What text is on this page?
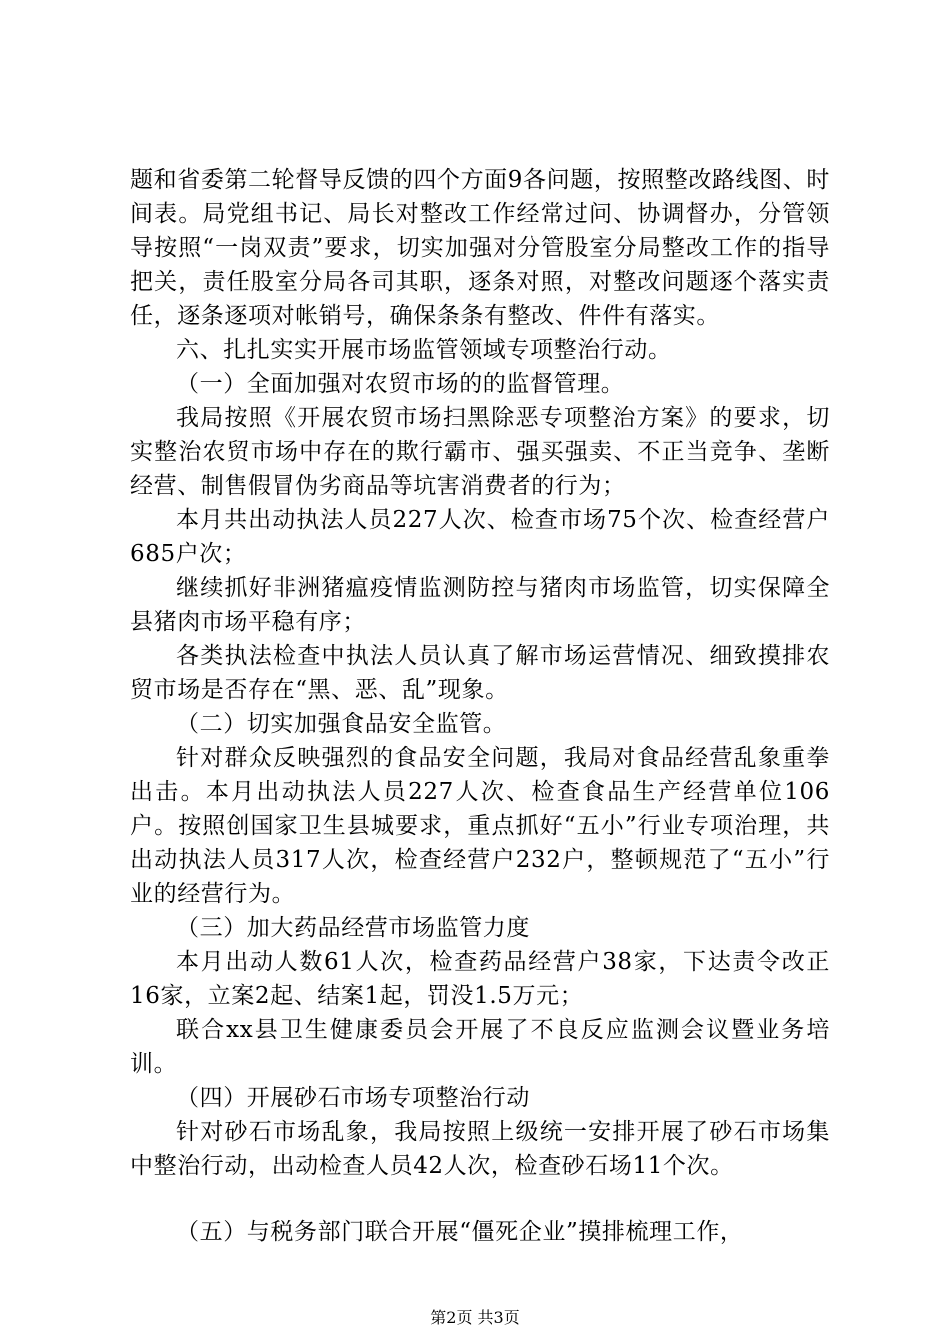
题和省委第二轮督导反馈的四个方面9各问题，按照整改路线图、时间表。局党组书记、局长对整改工作经常过问、协调督办，分管领导按照“一岗双责”要求，切实加强对分管股室分局整改工作的指导把关，责任股室分局各司其职，逐条对照，对整改问题逐个落实责任，逐条逐项对帐销号，确保条条有整改、件件有落实。

六、扎扎实实开展市场监管领域专项整治行动。

（一）全面加强对农贸市场的的监督管理。

我局按照《开展农贸市场扫黑除恶专项整治方案》的要求，切实整治农贸市场中存在的欺行霸市、强买强卖、不正当竞争、垄断经营、制售假冒伪劣商品等坑害消费者的行为；

本月共出动执法人员227人次、检查市场75个次、检查经营户685户次；

继续抓好非洲猪瘟疫情监测防控与猪肉市场监管，切实保障全县猪肉市场平稳有序；

各类执法检查中执法人员认真了解市场运营情况、细致摸排农贸市场是否存在“黑、恶、乱”现象。

（二）切实加强食品安全监管。

针对群众反映强烈的食品安全问题，我局对食品经营乱象重拳出击。本月出动执法人员227人次、检查食品生产经营单位106户。按照创国家卫生县城要求，重点抓好“五小”行业专项治理，共出动执法人员317人次，检查经营户232户，整顿规范了“五小”行业的经营行为。

（三）加大药品经营市场监管力度

本月出动人数61人次，检查药品经营户38家，下达责令改正16家，立案2起、结案1起，罚没1.5万元；

联合xx县卫生健康委员会开展了不良反应监测会议暨业务培训。

（四）开展砂石市场专项整治行动

针对砂石市场乱象，我局按照上级统一安排开展了砂石市场集中整治行动，出动检查人员42人次，检查砂石场11个次。

（五）与税务部门联合开展“僵死企业”摸排梳理工作，

第2页 共3页
